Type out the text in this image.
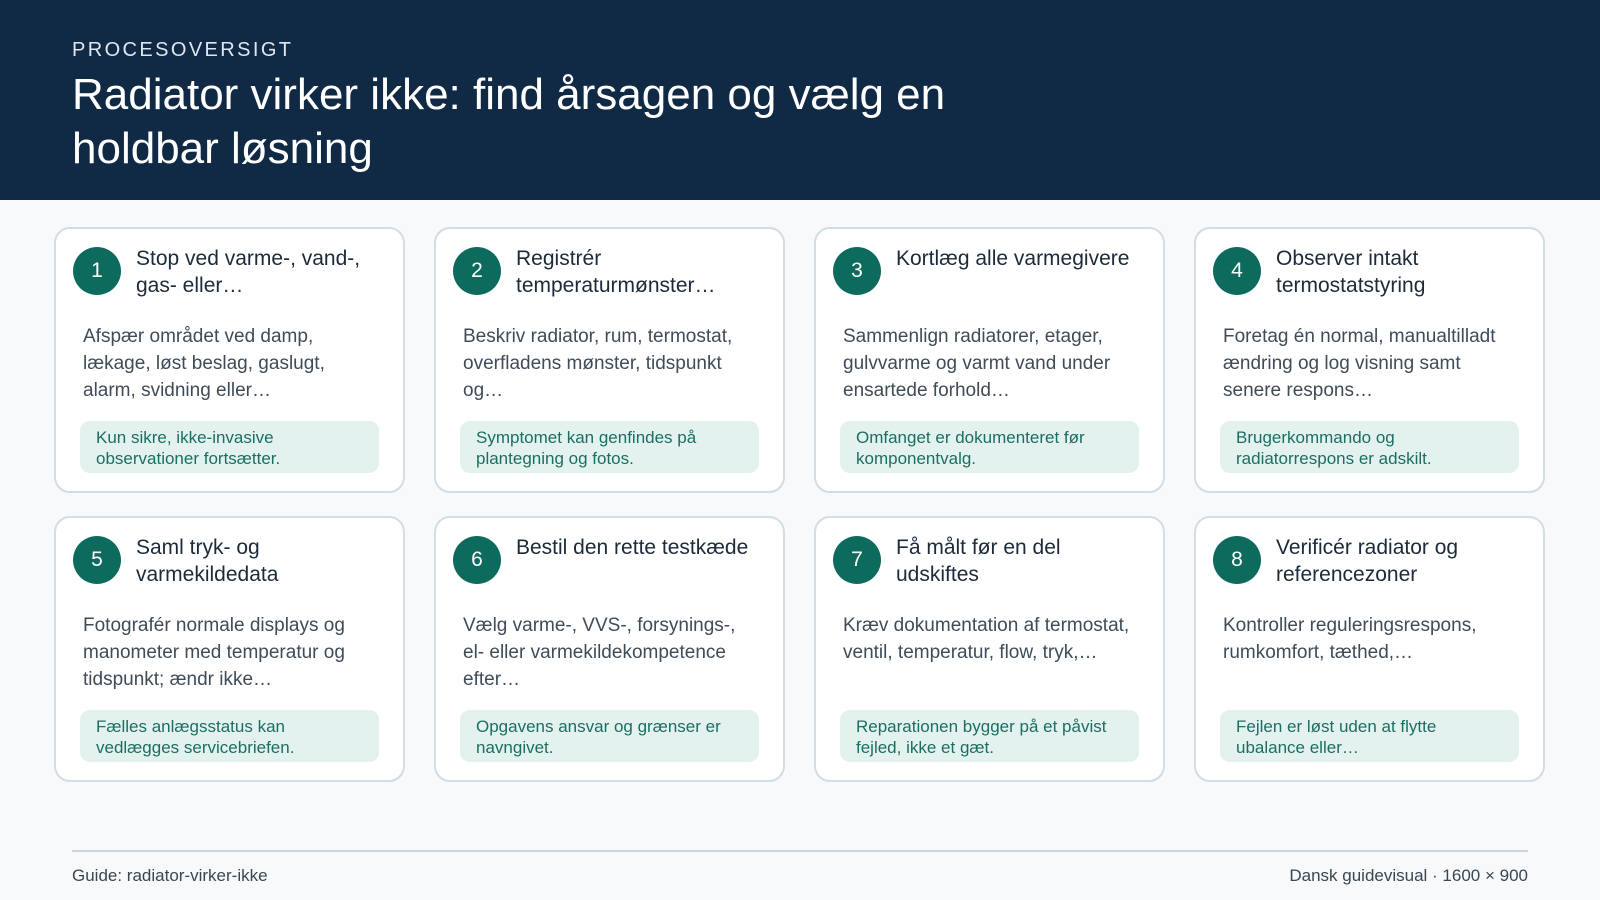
PROCESOVERSIGT
Radiator virker ikke: find årsagen og vælg en holdbar løsning
1
Stop ved varme-, vand-, gas- eller…
Afspær området ved damp, lækage, løst beslag, gaslugt, alarm, svidning eller…
Kun sikre, ikke-invasive observationer fortsætter.
2
Registrér temperaturmønster…
Beskriv radiator, rum, termostat, overfladens mønster, tidspunkt og…
Symptomet kan genfindes på plantegning og fotos.
3
Kortlæg alle varmegivere
Sammenlign radiatorer, etager, gulvvarme og varmt vand under ensartede forhold…
Omfanget er dokumenteret før komponentvalg.
4
Observer intakt termostatstyring
Foretag én normal, manualtilladt ændring og log visning samt senere respons…
Brugerkommando og radiatorrespons er adskilt.
5
Saml tryk- og varmekildedata
Fotografér normale displays og manometer med temperatur og tidspunkt; ændr ikke…
Fælles anlægsstatus kan vedlægges servicebriefen.
6
Bestil den rette testkæde
Vælg varme-, VVS-, forsynings-, el- eller varmekildekompetence efter…
Opgavens ansvar og grænser er navngivet.
7
Få målt før en del udskiftes
Kræv dokumentation af termostat, ventil, temperatur, flow, tryk,…
Reparationen bygger på et påvist fejled, ikke et gæt.
8
Verificér radiator og referencezoner
Kontroller reguleringsrespons, rumkomfort, tæthed,…
Fejlen er løst uden at flytte ubalance eller…
Guide: radiator-virker-ikke	Dansk guidevisual · 1600 × 900
